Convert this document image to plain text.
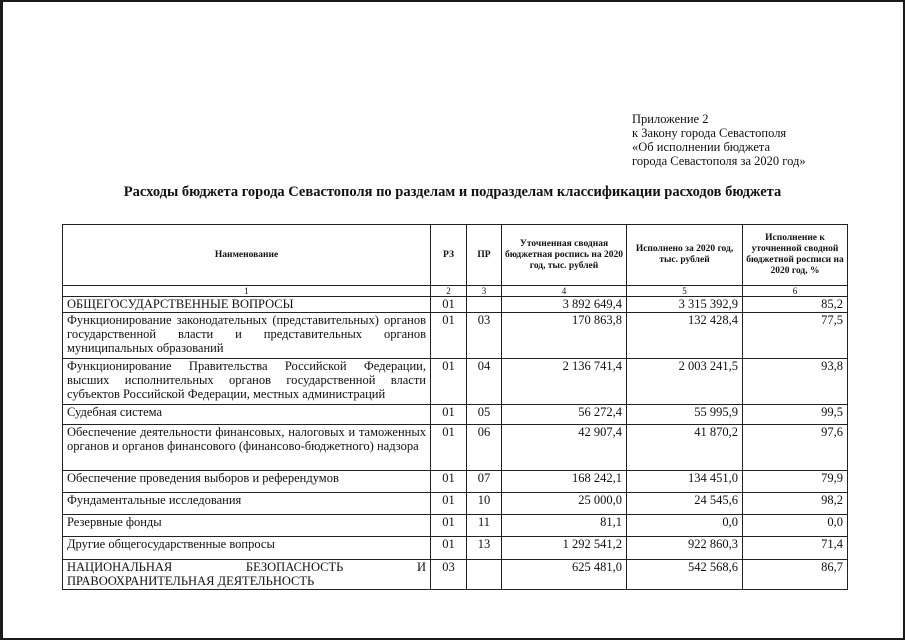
Приложение 2
к Закону города Севастополя
«Об исполнении бюджета
города Севастополя за 2020 год»
Расходы бюджета города Севастополя по разделам и подразделам классификации расходов бюджета
Наименование	РЗ	ПР	Уточненная сводная бюджетная роспись на 2020 год, тыс. рублей	Исполнено за 2020 год, тыс. рублей	Исполнение к уточненной сводной бюджетной росписи на 2020 год, %
1	2	3	4	5	6
ОБЩЕГОСУДАРСТВЕННЫЕ ВОПРОСЫ	01		3 892 649,4	3 315 392,9	85,2
Функционирование законодательных (представительных) органов государственной власти и представительных органов муниципальных образований	01	03	170 863,8	132 428,4	77,5
Функционирование Правительства Российской Федерации, высших исполнительных органов государственной власти субъектов Российской Федерации, местных администраций	01	04	2 136 741,4	2 003 241,5	93,8
Судебная система	01	05	56 272,4	55 995,9	99,5
Обеспечение деятельности финансовых, налоговых и таможенных органов и органов финансового (финансово-бюджетного) надзора	01	06	42 907,4	41 870,2	97,6
Обеспечение проведения выборов и референдумов	01	07	168 242,1	134 451,0	79,9
Фундаментальные исследования	01	10	25 000,0	24 545,6	98,2
Резервные фонды	01	11	81,1	0,0	0,0
Другие общегосударственные вопросы	01	13	1 292 541,2	922 860,3	71,4
НАЦИОНАЛЬНАЯ БЕЗОПАСНОСТЬ И ПРАВООХРАНИТЕЛЬНАЯ ДЕЯТЕЛЬНОСТЬ	03		625 481,0	542 568,6	86,7
